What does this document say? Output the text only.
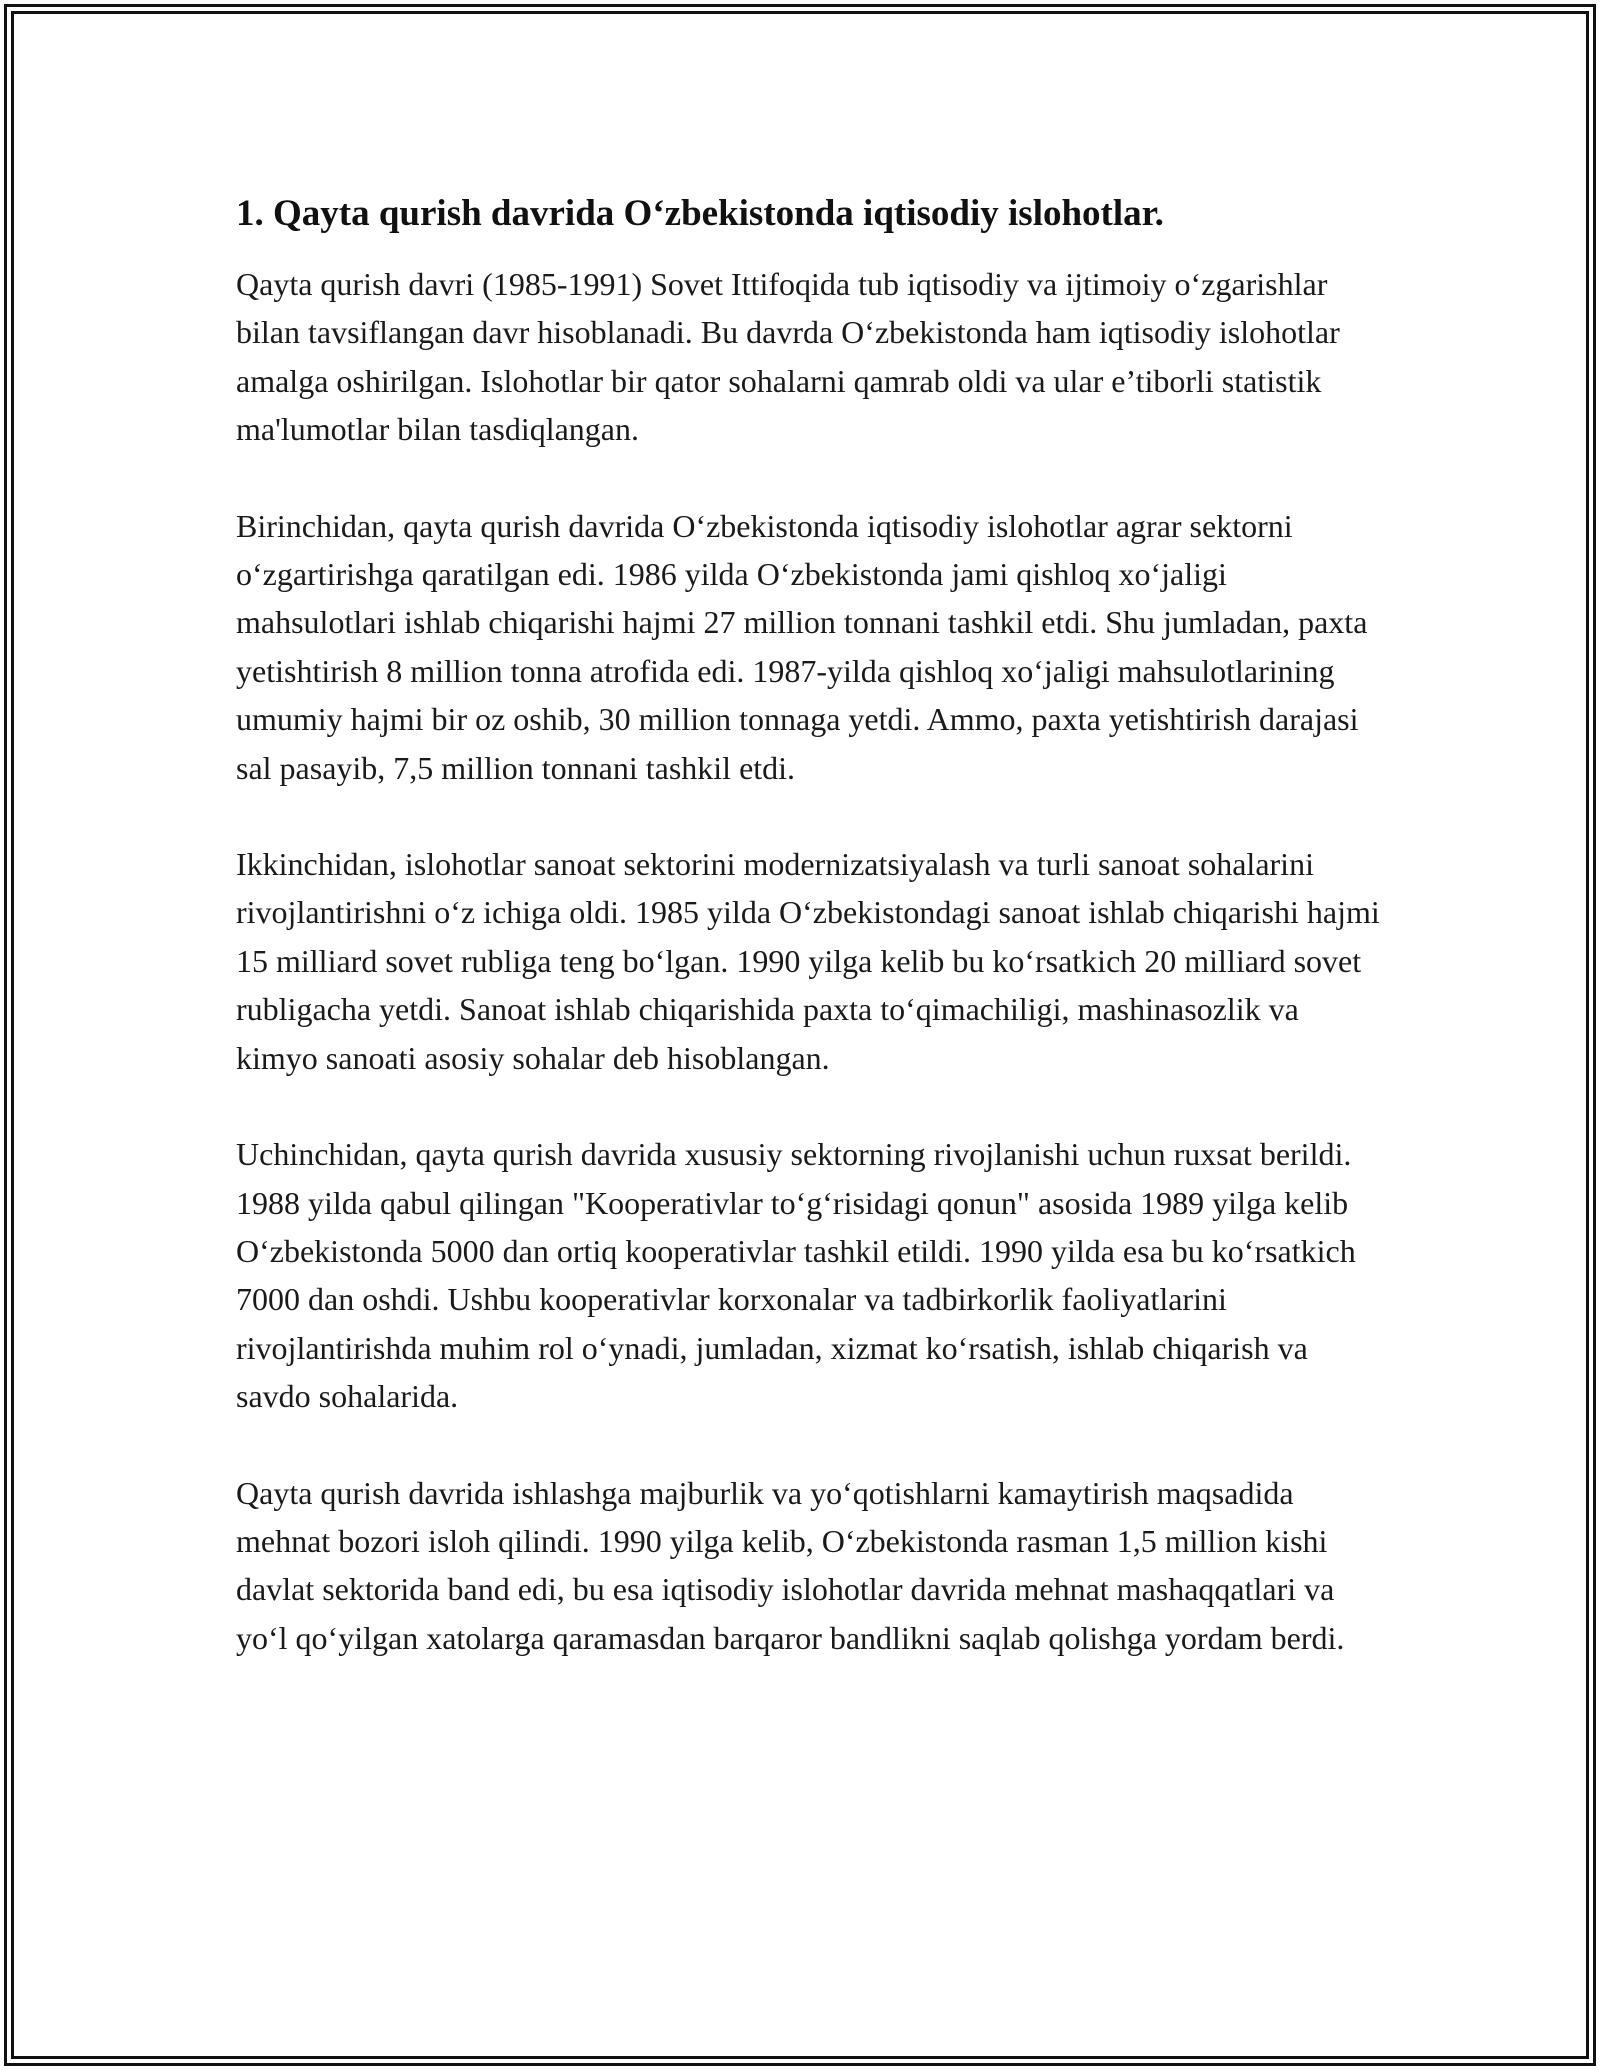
1. Qayta qurish davrida O‘zbekistonda iqtisodiy islohotlar.

Qayta qurish davri (1985-1991) Sovet Ittifoqida tub iqtisodiy va ijtimoiy o‘zgarishlar bilan tavsiflangan davr hisoblanadi. Bu davrda O‘zbekistonda ham iqtisodiy islohotlar amalga oshirilgan. Islohotlar bir qator sohalarni qamrab oldi va ular e’tiborli statistik ma'lumotlar bilan tasdiqlangan.

Birinchidan, qayta qurish davrida O‘zbekistonda iqtisodiy islohotlar agrar sektorni o‘zgartirishga qaratilgan edi. 1986 yilda O‘zbekistonda jami qishloq xo‘jaligi mahsulotlari ishlab chiqarishi hajmi 27 million tonnani tashkil etdi. Shu jumladan, paxta yetishtirish 8 million tonna atrofida edi. 1987-yilda qishloq xo‘jaligi mahsulotlarining umumiy hajmi bir oz oshib, 30 million tonnaga yetdi. Ammo, paxta yetishtirish darajasi sal pasayib, 7,5 million tonnani tashkil etdi.

Ikkinchidan, islohotlar sanoat sektorini modernizatsiyalash va turli sanoat sohalarini rivojlantirishni o‘z ichiga oldi. 1985 yilda O‘zbekistondagi sanoat ishlab chiqarishi hajmi 15 milliard sovet rubliga teng bo‘lgan. 1990 yilga kelib bu ko‘rsatkich 20 milliard sovet rubligacha yetdi. Sanoat ishlab chiqarishida paxta to‘qimachiligi, mashinasozlik va kimyo sanoati asosiy sohalar deb hisoblangan.

Uchinchidan, qayta qurish davrida xususiy sektorning rivojlanishi uchun ruxsat berildi. 1988 yilda qabul qilingan "Kooperativlar to‘g‘risidagi qonun" asosida 1989 yilga kelib O‘zbekistonda 5000 dan ortiq kooperativlar tashkil etildi. 1990 yilda esa bu ko‘rsatkich 7000 dan oshdi. Ushbu kooperativlar korxonalar va tadbirkorlik faoliyatlarini rivojlantirishda muhim rol o‘ynadi, jumladan, xizmat ko‘rsatish, ishlab chiqarish va savdo sohalarida.

Qayta qurish davrida ishlashga majburlik va yo‘qotishlarni kamaytirish maqsadida mehnat bozori isloh qilindi. 1990 yilga kelib, O‘zbekistonda rasman 1,5 million kishi davlat sektorida band edi, bu esa iqtisodiy islohotlar davrida mehnat mashaqqatlari va yo‘l qo‘yilgan xatolarga qaramasdan barqaror bandlikni saqlab qolishga yordam berdi.
